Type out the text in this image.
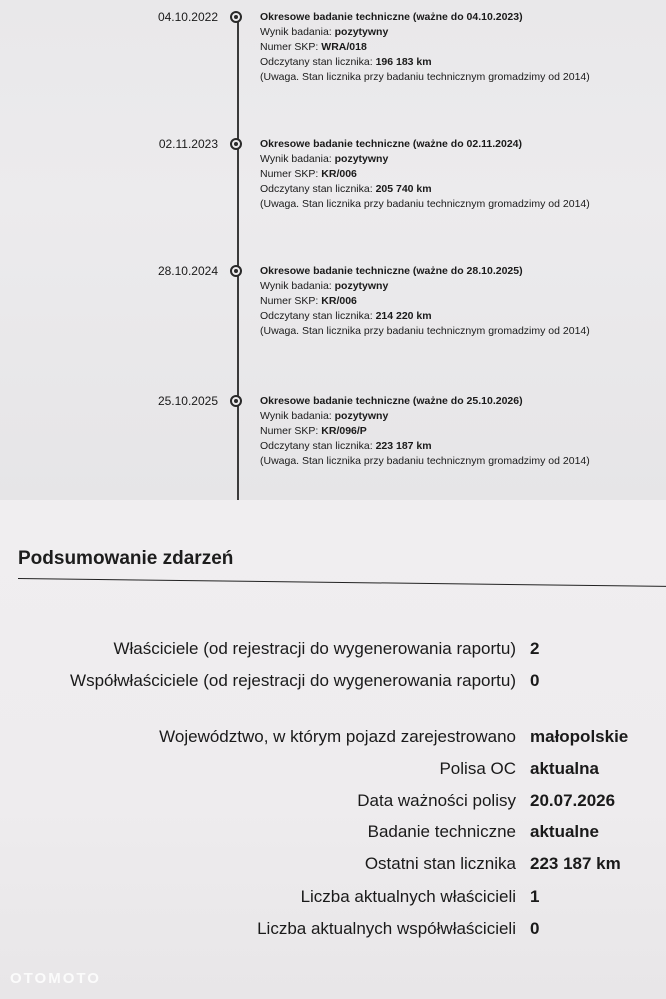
04.10.2022	Okresowe badanie techniczne (ważne do 04.10.2023)
Wynik badania: pozytywny
Numer SKP: WRA/018
Odczytany stan licznika: 196 183 km
(Uwaga. Stan licznika przy badaniu technicznym gromadzimy od 2014)
02.11.2023	Okresowe badanie techniczne (ważne do 02.11.2024)
Wynik badania: pozytywny
Numer SKP: KR/006
Odczytany stan licznika: 205 740 km
(Uwaga. Stan licznika przy badaniu technicznym gromadzimy od 2014)
28.10.2024	Okresowe badanie techniczne (ważne do 28.10.2025)
Wynik badania: pozytywny
Numer SKP: KR/006
Odczytany stan licznika: 214 220 km
(Uwaga. Stan licznika przy badaniu technicznym gromadzimy od 2014)
25.10.2025	Okresowe badanie techniczne (ważne do 25.10.2026)
Wynik badania: pozytywny
Numer SKP: KR/096/P
Odczytany stan licznika: 223 187 km
(Uwaga. Stan licznika przy badaniu technicznym gromadzimy od 2014)
Podsumowanie zdarzeń
Właściciele (od rejestracji do wygenerowania raportu) 2
Współwłaściciele (od rejestracji do wygenerowania raportu) 0
Województwo, w którym pojazd zarejestrowano małopolskie
Polisa OC aktualna
Data ważności polisy 20.07.2026
Badanie techniczne aktualne
Ostatni stan licznika 223 187 km
Liczba aktualnych właścicieli 1
Liczba aktualnych współwłaścicieli 0
OTOMOTO
